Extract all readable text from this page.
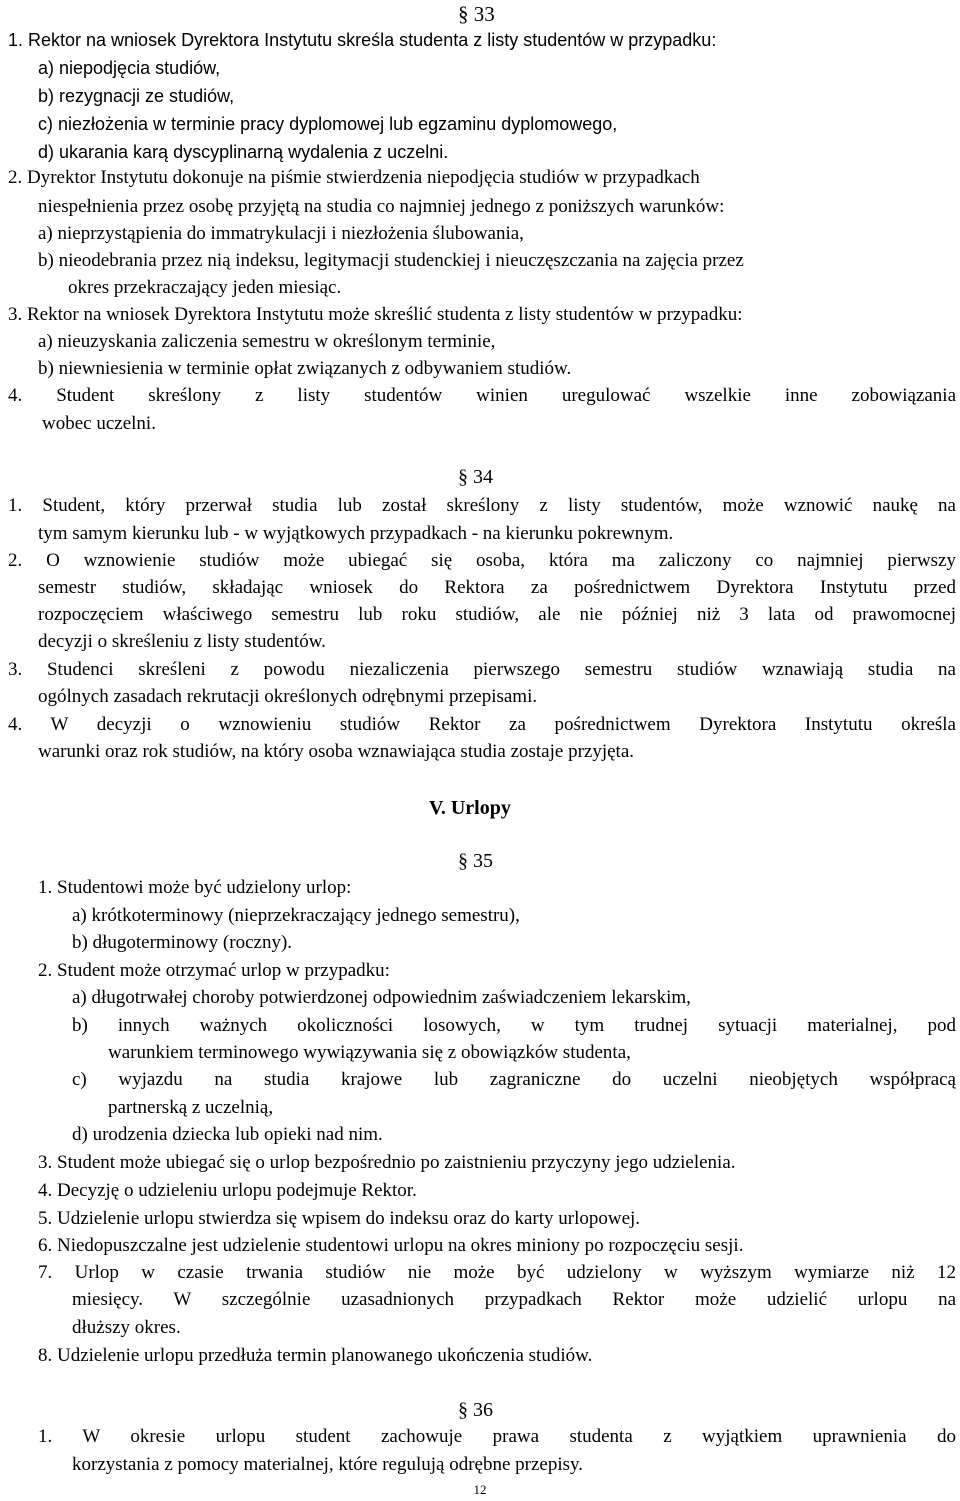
§ 33
1. Rektor na wniosek Dyrektora Instytutu skreśla studenta z listy studentów w przypadku:
a) niepodjęcia studiów,
b) rezygnacji ze studiów,
c) niezłożenia w terminie pracy dyplomowej lub egzaminu dyplomowego,
d) ukarania karą dyscyplinarną wydalenia z uczelni.
2. Dyrektor Instytutu dokonuje na piśmie stwierdzenia niepodjęcia studiów w przypadkach
niespełnienia przez osobę przyjętą na studia co najmniej jednego z poniższych warunków:
a) nieprzystąpienia do immatrykulacji i niezłożenia ślubowania,
b) nieodebrania przez nią indeksu, legitymacji studenckiej i nieuczęszczania na zajęcia przez
okres przekraczający jeden miesiąc.
3. Rektor na wniosek Dyrektora Instytutu może skreślić studenta z listy studentów w przypadku:
a) nieuzyskania zaliczenia semestru w określonym terminie,
b) niewniesienia w terminie opłat związanych z odbywaniem studiów.
4. Student skreślony z listy studentów winien uregulować wszelkie inne zobowiązania
wobec uczelni.
§ 34
1. Student, który przerwał studia lub został skreślony z listy studentów, może wznowić naukę na
tym samym kierunku lub - w wyjątkowych przypadkach - na kierunku pokrewnym.
2. O wznowienie studiów może ubiegać się osoba, która ma zaliczony co najmniej pierwszy
semestr studiów, składając wniosek do Rektora za pośrednictwem Dyrektora Instytutu przed
rozpoczęciem właściwego semestru lub roku studiów, ale nie później niż 3 lata od prawomocnej
decyzji o skreśleniu z listy studentów.
3. Studenci skreśleni z powodu niezaliczenia pierwszego semestru studiów wznawiają studia na
ogólnych zasadach rekrutacji określonych odrębnymi przepisami.
4. W decyzji o wznowieniu studiów Rektor za pośrednictwem Dyrektora Instytutu określa
warunki oraz rok studiów, na który osoba wznawiająca studia zostaje przyjęta.
V. Urlopy
§ 35
1. Studentowi może być udzielony urlop:
a) krótkoterminowy (nieprzekraczający jednego semestru),
b) długoterminowy (roczny).
2. Student może otrzymać urlop w przypadku:
a) długotrwałej choroby potwierdzonej odpowiednim zaświadczeniem lekarskim,
b) innych ważnych okoliczności losowych, w tym trudnej sytuacji materialnej, pod
warunkiem terminowego wywiązywania się z obowiązków studenta,
c) wyjazdu na studia krajowe lub zagraniczne do uczelni nieobjętych współpracą
partnerską z uczelnią,
d) urodzenia dziecka lub opieki nad nim.
3. Student może ubiegać się o urlop bezpośrednio po zaistnieniu przyczyny jego udzielenia.
4. Decyzję o udzieleniu urlopu podejmuje Rektor.
5. Udzielenie urlopu stwierdza się wpisem do indeksu oraz do karty urlopowej.
6. Niedopuszczalne jest udzielenie studentowi urlopu na okres miniony po rozpoczęciu sesji.
7. Urlop w czasie trwania studiów nie może być udzielony w wyższym wymiarze niż 12
miesięcy. W szczególnie uzasadnionych przypadkach Rektor może udzielić urlopu na
dłuższy okres.
8. Udzielenie urlopu przedłuża termin planowanego ukończenia studiów.
§ 36
1. W okresie urlopu student zachowuje prawa studenta z wyjątkiem uprawnienia do
korzystania z pomocy materialnej, które regulują odrębne przepisy.
12
